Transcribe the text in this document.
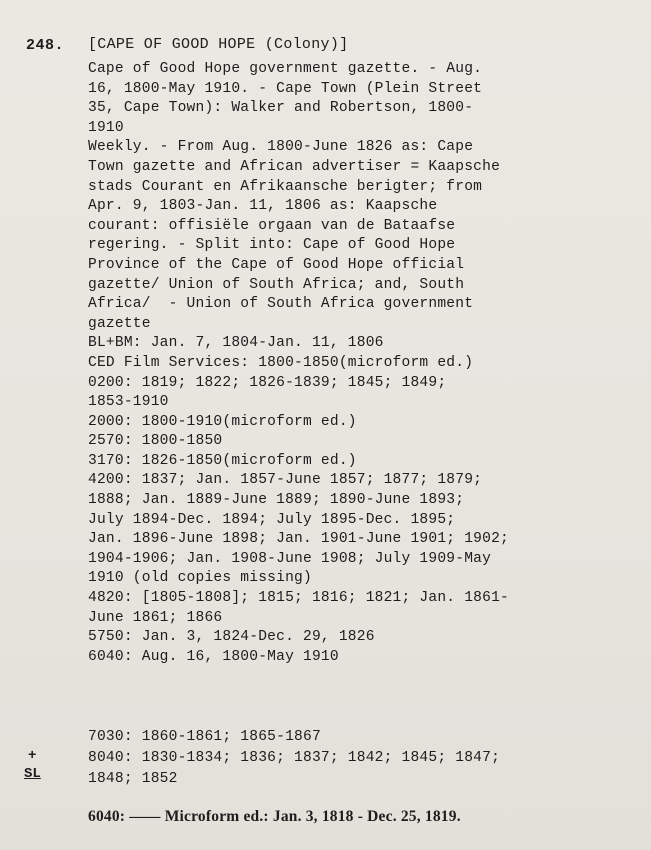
248. [CAPE OF GOOD HOPE (Colony)]
Cape of Good Hope government gazette. - Aug.
16, 1800-May 1910. - Cape Town (Plein Street
35, Cape Town): Walker and Robertson, 1800-
1910
Weekly. - From Aug. 1800-June 1826 as: Cape
Town gazette and African advertiser = Kaapsche
stads Courant en Afrikaansche berigter; from
Apr. 9, 1803-Jan. 11, 1806 as: Kaapsche
courant: offisiële orgaan van de Bataafse
regering. - Split into: Cape of Good Hope
Province of the Cape of Good Hope official
gazette/ Union of South Africa; and, South
Africa/  - Union of South Africa government
gazette
BL+BM: Jan. 7, 1804-Jan. 11, 1806
CED Film Services: 1800-1850(microform ed.)
0200: 1819; 1822; 1826-1839; 1845; 1849;
1853-1910
2000: 1800-1910(microform ed.)
2570: 1800-1850
3170: 1826-1850(microform ed.)
4200: 1837; Jan. 1857-June 1857; 1877; 1879;
1888; Jan. 1889-June 1889; 1890-June 1893;
July 1894-Dec. 1894; July 1895-Dec. 1895;
Jan. 1896-June 1898; Jan. 1901-June 1901; 1902;
1904-1906; Jan. 1908-June 1908; July 1909-May
1910 (old copies missing)
4820: [1805-1808]; 1815; 1816; 1821; Jan. 1861-
June 1861; 1866
5750: Jan. 3, 1824-Dec. 29, 1826
6040: Aug. 16, 1800-May 1910
7030: 1860-1861; 1865-1867
8040: 1830-1834; 1836; 1837; 1842; 1845; 1847;
1848; 1852
+
SL
6040: —— Microform ed.: Jan. 3, 1818 - Dec. 25, 1819.
